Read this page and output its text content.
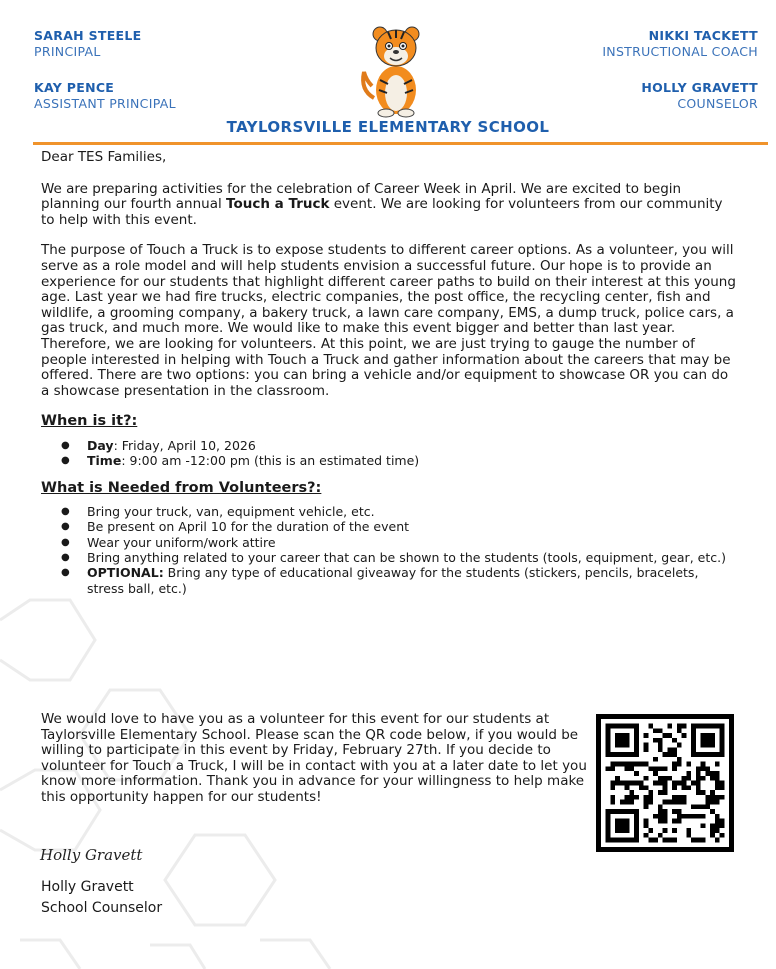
SARAH STEELE
PRINCIPAL
KAY PENCE
ASSISTANT PRINCIPAL
NIKKI TACKETT
INSTRUCTIONAL COACH
HOLLY GRAVETT
COUNSELOR
TAYLORSVILLE ELEMENTARY SCHOOL

Dear TES Families,

We are preparing activities for the celebration of Career Week in April. We are excited to begin planning our fourth annual Touch a Truck event. We are looking for volunteers from our community to help with this event.

The purpose of Touch a Truck is to expose students to different career options. As a volunteer, you will serve as a role model and will help students envision a successful future. Our hope is to provide an experience for our students that highlight different career paths to build on their interest at this young age. Last year we had fire trucks, electric companies, the post office, the recycling center, fish and wildlife, a grooming company, a bakery truck, a lawn care company, EMS, a dump truck, police cars, a gas truck, and much more. We would like to make this event bigger and better than last year. Therefore, we are looking for volunteers. At this point, we are just trying to gauge the number of people interested in helping with Touch a Truck and gather information about the careers that may be offered. There are two options: you can bring a vehicle and/or equipment to showcase OR you can do a showcase presentation in the classroom.

When is it?:

● Day: Friday, April 10, 2026
● Time: 9:00 am -12:00 pm (this is an estimated time)

What is Needed from Volunteers?:

● Bring your truck, van, equipment vehicle, etc.
● Be present on April 10 for the duration of the event
● Wear your uniform/work attire
● Bring anything related to your career that can be shown to the students (tools, equipment, gear, etc.)
● OPTIONAL: Bring any type of educational giveaway for the students (stickers, pencils, bracelets, stress ball, etc.)

We would love to have you as a volunteer for this event for our students at Taylorsville Elementary School. Please scan the QR code below, if you would be willing to participate in this event by Friday, February 27th. If you decide to volunteer for Touch a Truck, I will be in contact with you at a later date to let you know more information. Thank you in advance for your willingness to help make this opportunity happen for our students!

Holly Gravett
Holly Gravett
School Counselor
